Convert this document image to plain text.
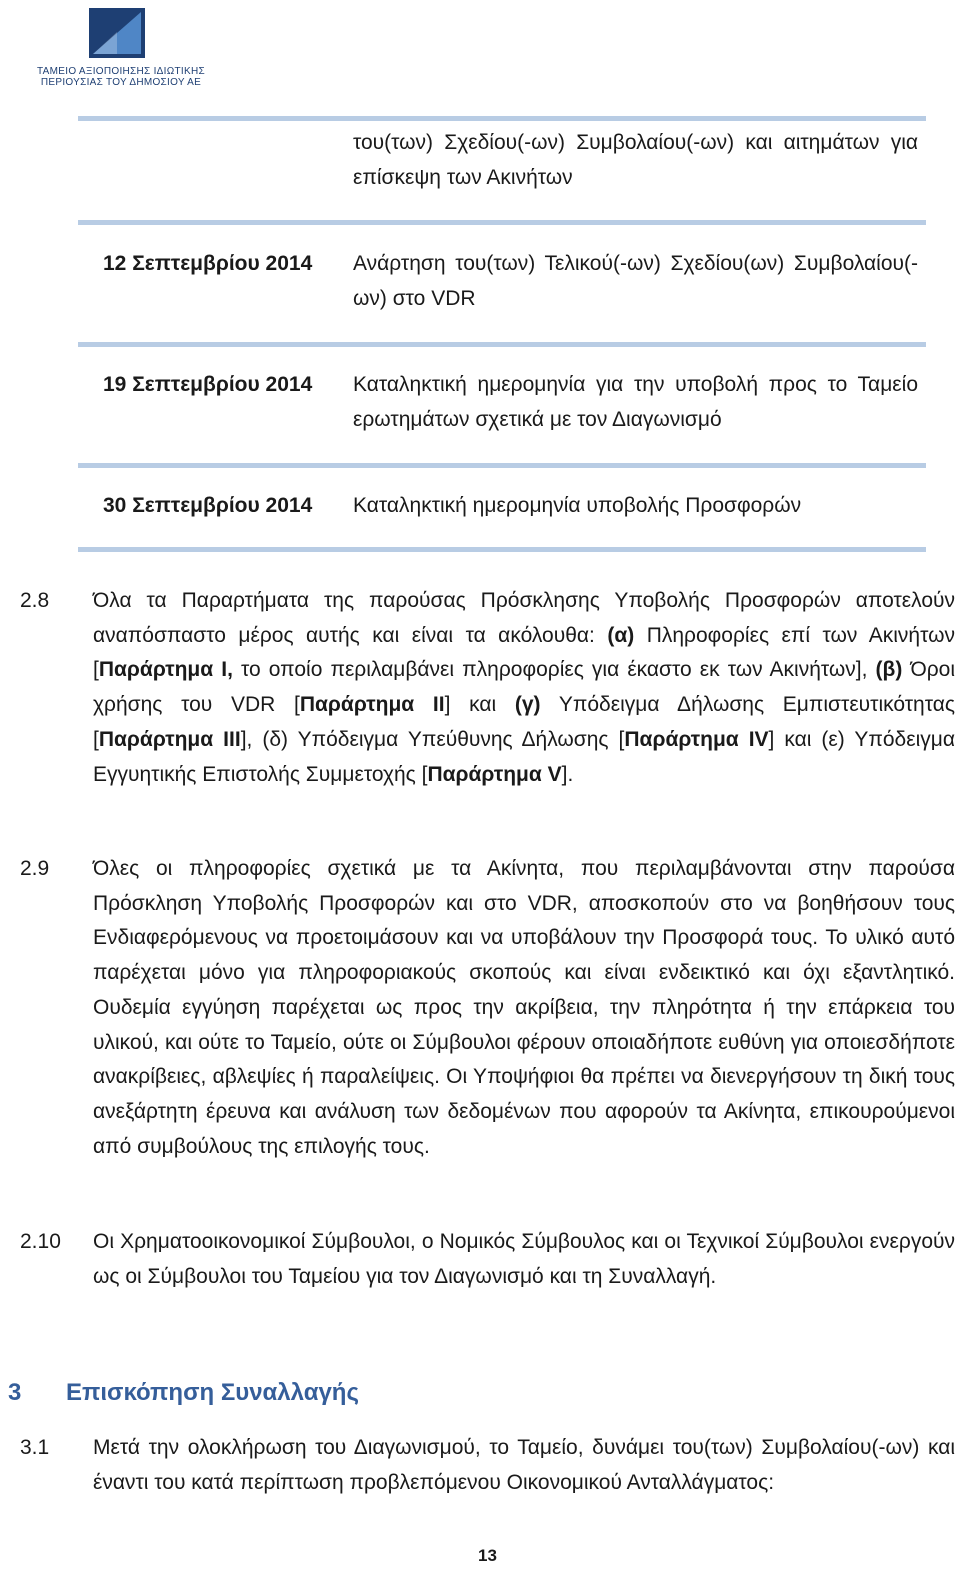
ΤΑΜΕΙΟ ΑΞΙΟΠΟΙΗΣΗΣ ΙΔΙΩΤΙΚΗΣ
ΠΕΡΙΟΥΣΙΑΣ ΤΟΥ ΔΗΜΟΣΙΟΥ ΑΕ
του(των) Σχεδίου(-ων) Συμβολαίου(-ων) και αιτημάτων για επίσκεψη των Ακινήτων
12 Σεπτεμβρίου 2014	Ανάρτηση του(των) Τελικού(-ων) Σχεδίου(ων) Συμβολαίου(-ων) στο VDR
19 Σεπτεμβρίου 2014	Καταληκτική ημερομηνία για την υποβολή προς το Ταμείο ερωτημάτων σχετικά με τον Διαγωνισμό
30 Σεπτεμβρίου 2014	Καταληκτική ημερομηνία υποβολής Προσφορών
2.8	Όλα τα Παραρτήματα της παρούσας Πρόσκλησης Υποβολής Προσφορών αποτελούν αναπόσπαστο μέρος αυτής και είναι τα ακόλουθα: (α) Πληροφορίες επί των Ακινήτων [Παράρτημα Ι, το οποίο περιλαμβάνει πληροφορίες για έκαστο εκ των Ακινήτων], (β) Όροι χρήσης του VDR [Παράρτημα ΙΙ] και (γ) Υπόδειγμα Δήλωσης Εμπιστευτικότητας [Παράρτημα ΙΙΙ], (δ) Υπόδειγμα Υπεύθυνης Δήλωσης [Παράρτημα ΙV] και (ε) Υπόδειγμα Εγγυητικής Επιστολής Συμμετοχής [Παράρτημα V].
2.9	Όλες οι πληροφορίες σχετικά με τα Ακίνητα, που περιλαμβάνονται στην παρούσα Πρόσκληση Υποβολής Προσφορών και στο VDR, αποσκοπούν στο να βοηθήσουν τους Ενδιαφερόμενους να προετοιμάσουν και να υποβάλουν την Προσφορά τους. Το υλικό αυτό παρέχεται μόνο για πληροφοριακούς σκοπούς και είναι ενδεικτικό και όχι εξαντλητικό. Ουδεμία εγγύηση παρέχεται ως προς την ακρίβεια, την πληρότητα ή την επάρκεια του υλικού, και ούτε το Ταμείο, ούτε οι Σύμβουλοι φέρουν οποιαδήποτε ευθύνη για οποιεσδήποτε ανακρίβειες, αβλεψίες ή παραλείψεις. Οι Υποψήφιοι θα πρέπει να διενεργήσουν τη δική τους ανεξάρτητη έρευνα και ανάλυση των δεδομένων που αφορούν τα Ακίνητα, επικουρούμενοι από συμβούλους της επιλογής τους.
2.10	Οι Χρηματοοικονομικοί Σύμβουλοι, ο Νομικός Σύμβουλος και οι Τεχνικοί Σύμβουλοι ενεργούν ως οι Σύμβουλοι του Ταμείου για τον Διαγωνισμό και τη Συναλλαγή.
3 Επισκόπηση Συναλλαγής
3.1	Μετά την ολοκλήρωση του Διαγωνισμού, το Ταμείο, δυνάμει του(των) Συμβολαίου(-ων) και έναντι του κατά περίπτωση προβλεπόμενου Οικονομικού Ανταλλάγματος:
13
